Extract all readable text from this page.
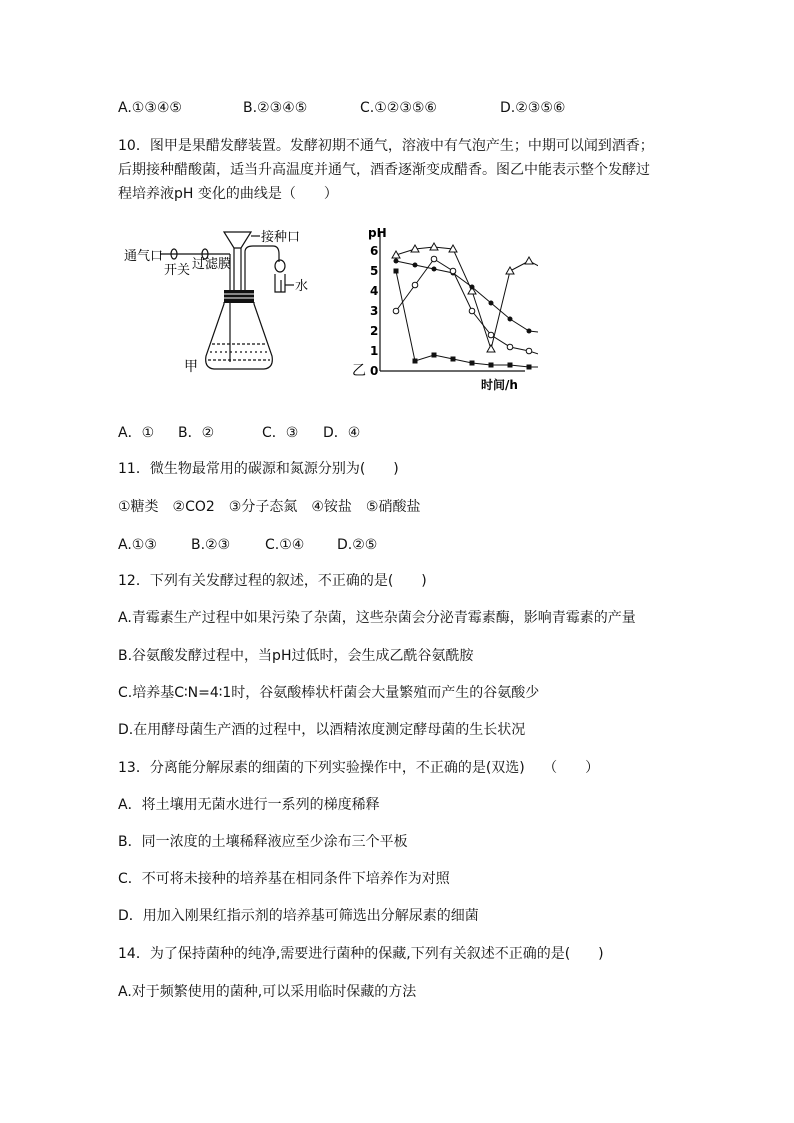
A.①③④⑤	B.②③④⑤	C.①②③⑤⑥	D.②③⑤⑥
10．图甲是果醋发酵装置。发酵初期不通气，溶液中有气泡产生；中期可以闻到酒香；
后期接种醋酸菌，适当升高温度并通气，酒香逐渐变成醋香。图乙中能表示整个发酵过
程培养液pH 变化的曲线是（　　）
通气口
开关 过滤膜
接种口
水
甲
pH
时间/h
乙 0
1
2
3
4
5
6
A．① B．②	C．③ D．④
11．微生物最常用的碳源和氮源分别为(　　)
①糖类　②CO2　③分子态氮　④铵盐　⑤硝酸盐
A.①③ B.②③ C.①④ D.②⑤
12．下列有关发酵过程的叙述，不正确的是(　　)
A.青霉素生产过程中如果污染了杂菌，这些杂菌会分泌青霉素酶，影响青霉素的产量
B.谷氨酸发酵过程中，当pH过低时，会生成乙酰谷氨酰胺
C.培养基C∶N=4∶1时，谷氨酸棒状杆菌会大量繁殖而产生的谷氨酸少
D.在用酵母菌生产酒的过程中，以酒精浓度测定酵母菌的生长状况
13．分离能分解尿素的细菌的下列实验操作中，不正确的是(双选)　 （　　）
A．将土壤用无菌水进行一系列的梯度稀释
B．同一浓度的土壤稀释液应至少涂布三个平板
C．不可将未接种的培养基在相同条件下培养作为对照
D．用加入刚果红指示剂的培养基可筛选出分解尿素的细菌
14．为了保持菌种的纯净,需要进行菌种的保藏,下列有关叙述不正确的是(　　)
A.对于频繁使用的菌种,可以采用临时保藏的方法
